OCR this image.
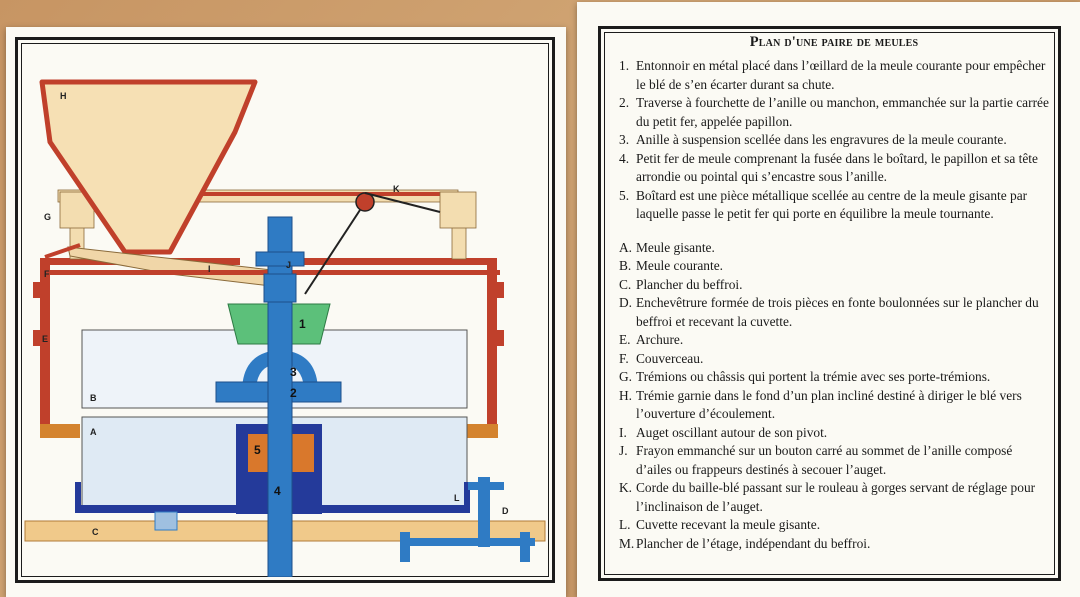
H
G
F	I	J
K
E
B
A
L
D
C
1
2
3
4
5
Plan d'une paire de meules
1. Entonnoir en métal placé dans l’œillard de la meule courante pour empêcher le blé de s’en écarter durant sa chute.
2. Traverse à fourchette de l’anille ou manchon, emmanchée sur la partie carrée du petit fer, appelée papillon.
3. Anille à suspension scellée dans les engravures de la meule courante.
4. Petit fer de meule comprenant la fusée dans le boîtard, le papillon et sa tête arrondie ou pointal qui s’encastre sous l’anille.
5. Boîtard est une pièce métallique scellée au centre de la meule gisante par laquelle passe le petit fer qui porte en équilibre la meule tournante.
A. Meule gisante.
B. Meule courante.
C. Plancher du beffroi.
D. Enchevêtrure formée de trois pièces en fonte boulonnées sur le plancher du beffroi et recevant la cuvette.
E. Archure.
F. Couverceau.
G. Trémions ou châssis qui portent la trémie avec ses porte-trémions.
H. Trémie garnie dans le fond d’un plan incliné destiné à diriger le blé vers l’ouverture d’écoulement.
I. Auget oscillant autour de son pivot.
J. Frayon emmanché sur un bouton carré au sommet de l’anille composé d’ailes ou frappeurs destinés à secouer l’auget.
K. Corde du baille-blé passant sur le rouleau à gorges servant de réglage pour l’inclinaison de l’auget.
L. Cuvette recevant la meule gisante.
M. Plancher de l’étage, indépendant du beffroi.
